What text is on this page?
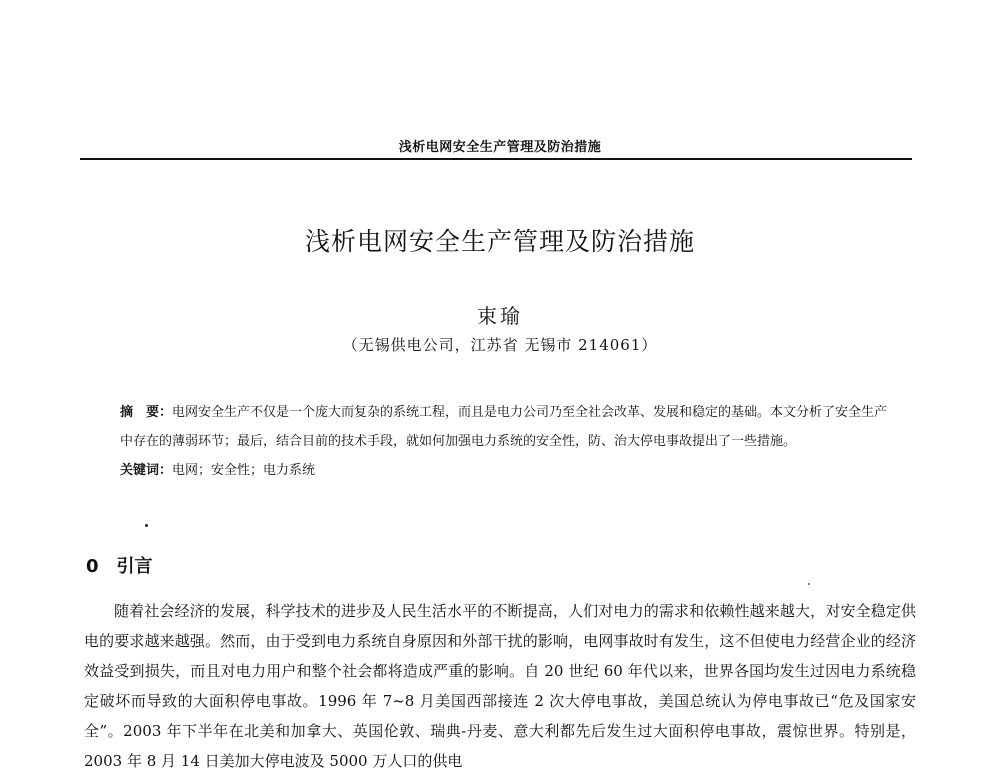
浅析电网安全生产管理及防治措施
浅析电网安全生产管理及防治措施
束瑜
（无锡供电公司，江苏省 无锡市 214061）

摘　要：电网安全生产不仅是一个庞大而复杂的系统工程，而且是电力公司乃至全社会改革、发展和稳定的基础。本文分析了安全生产中存在的薄弱环节；最后，结合目前的技术手段，就如何加强电力系统的安全性，防、治大停电事故提出了一些措施。

关键词：电网；安全性；电力系统

0 引言

随着社会经济的发展，科学技术的进步及人民生活水平的不断提高，人们对电力的需求和依赖性越来越大，对安全稳定供电的要求越来越强。然而，由于受到电力系统自身原因和外部干扰的影响，电网事故时有发生，这不但使电力经营企业的经济效益受到损失，而且对电力用户和整个社会都将造成严重的影响。自 20 世纪 60 年代以来，世界各国均发生过因电力系统稳定破坏而导致的大面积停电事故。1996 年 7~8 月美国西部接连 2 次大停电事故，美国总统认为停电事故已“危及国家安全”。2003 年下半年在北美和加拿大、英国伦敦、瑞典-丹麦、意大利都先后发生过大面积停电事故，震惊世界。特别是，2003 年 8 月 14 日美加大停电波及 5000 万人口的供电
